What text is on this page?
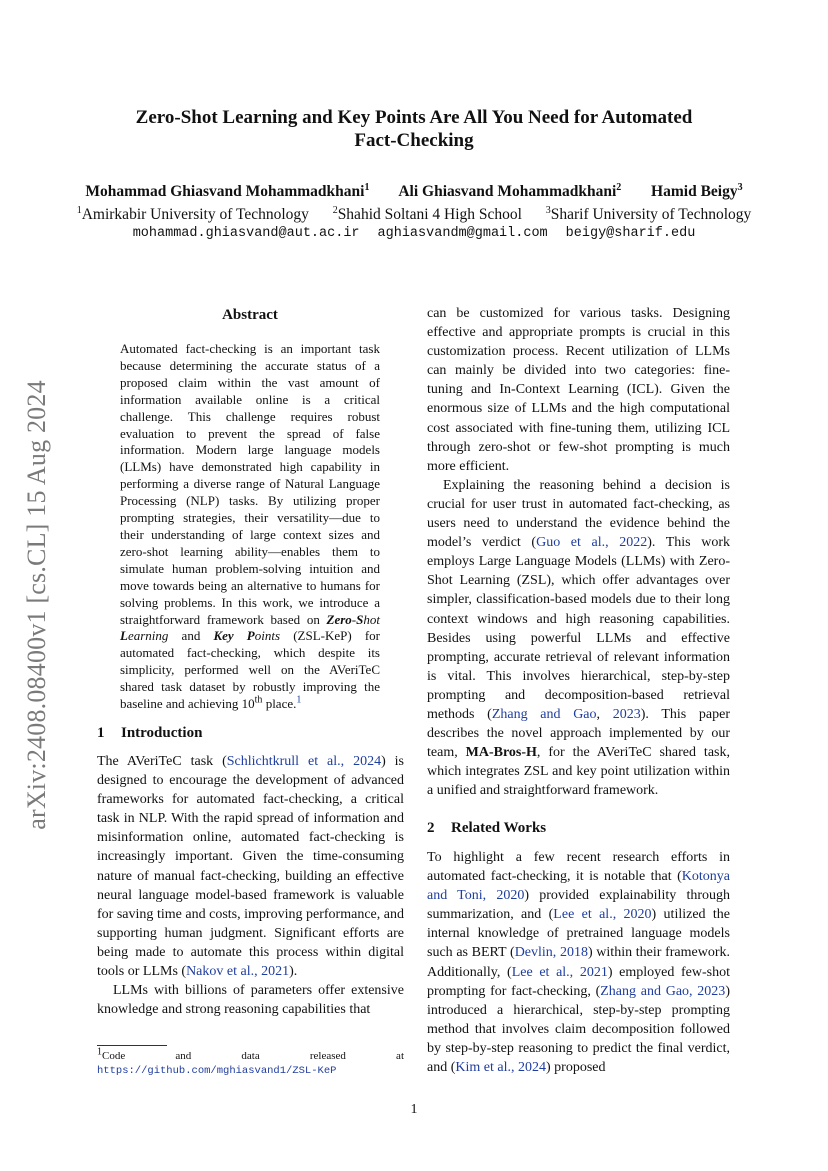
arXiv:2408.08400v1 [cs.CL] 15 Aug 2024
Zero-Shot Learning and Key Points Are All You Need for Automated
Fact-Checking
Mohammad Ghiasvand Mohammadkhani$^1$ Ali Ghiasvand Mohammadkhani$^2$ Hamid Beigy$^3$
$^1$Amirkabir University of Technology $^2$Shahid Soltani 4 High School $^3$Sharif University of Technology
mohammad.ghiasvand@aut.ac.ir aghiasvandm@gmail.com beigy@sharif.edu
Abstract
Automated fact-checking is an important task because determining the accurate status of a proposed claim within the vast amount of information available online is a critical challenge. This challenge requires robust evaluation to prevent the spread of false information. Modern large language models (LLMs) have demonstrated high capability in performing a diverse range of Natural Language Processing (NLP) tasks. By utilizing proper prompting strategies, their versatility—due to their understanding of large context sizes and zero-shot learning ability—enables them to simulate human problem-solving intuition and move towards being an alternative to humans for solving problems. In this work, we introduce a straightforward framework based on Zero-Shot Learning and Key Points (ZSL-KeP) for automated fact-checking, which despite its simplicity, performed well on the AVeriTeC shared task dataset by robustly improving the baseline and achieving 10th place.$^1$
1 Introduction

The AVeriTeC task (Schlichtkrull et al., 2024) is designed to encourage the development of advanced frameworks for automated fact-checking, a critical task in NLP. With the rapid spread of information and misinformation online, automated fact-checking is increasingly important. Given the time-consuming nature of manual fact-checking, building an effective neural language model-based framework is valuable for saving time and costs, improving performance, and supporting human judgment. Significant efforts are being made to automate this process within digital tools or LLMs (Nakov et al., 2021).

LLMs with billions of parameters offer extensive knowledge and strong reasoning capabilities that

$^1$Code and data released at https://github.com/mghiasvand1/ZSL-KeP

can be customized for various tasks. Designing effective and appropriate prompts is crucial in this customization process. Recent utilization of LLMs can mainly be divided into two categories: fine-tuning and In-Context Learning (ICL). Given the enormous size of LLMs and the high computational cost associated with fine-tuning them, utilizing ICL through zero-shot or few-shot prompting is much more efficient.

Explaining the reasoning behind a decision is crucial for user trust in automated fact-checking, as users need to understand the evidence behind the model’s verdict (Guo et al., 2022). This work employs Large Language Models (LLMs) with Zero-Shot Learning (ZSL), which offer advantages over simpler, classification-based models due to their long context windows and high reasoning capabilities. Besides using powerful LLMs and effective prompting, accurate retrieval of relevant information is vital. This involves hierarchical, step-by-step prompting and decomposition-based retrieval methods (Zhang and Gao, 2023). This paper describes the novel approach implemented by our team, MA-Bros-H, for the AVeriTeC shared task, which integrates ZSL and key point utilization within a unified and straightforward framework.

2 Related Works

To highlight a few recent research efforts in automated fact-checking, it is notable that (Kotonya and Toni, 2020) provided explainability through summarization, and (Lee et al., 2020) utilized the internal knowledge of pretrained language models such as BERT (Devlin, 2018) within their framework. Additionally, (Lee et al., 2021) employed few-shot prompting for fact-checking, (Zhang and Gao, 2023) introduced a hierarchical, step-by-step prompting method that involves claim decomposition followed by step-by-step reasoning to predict the final verdict, and (Kim et al., 2024) proposed

1
